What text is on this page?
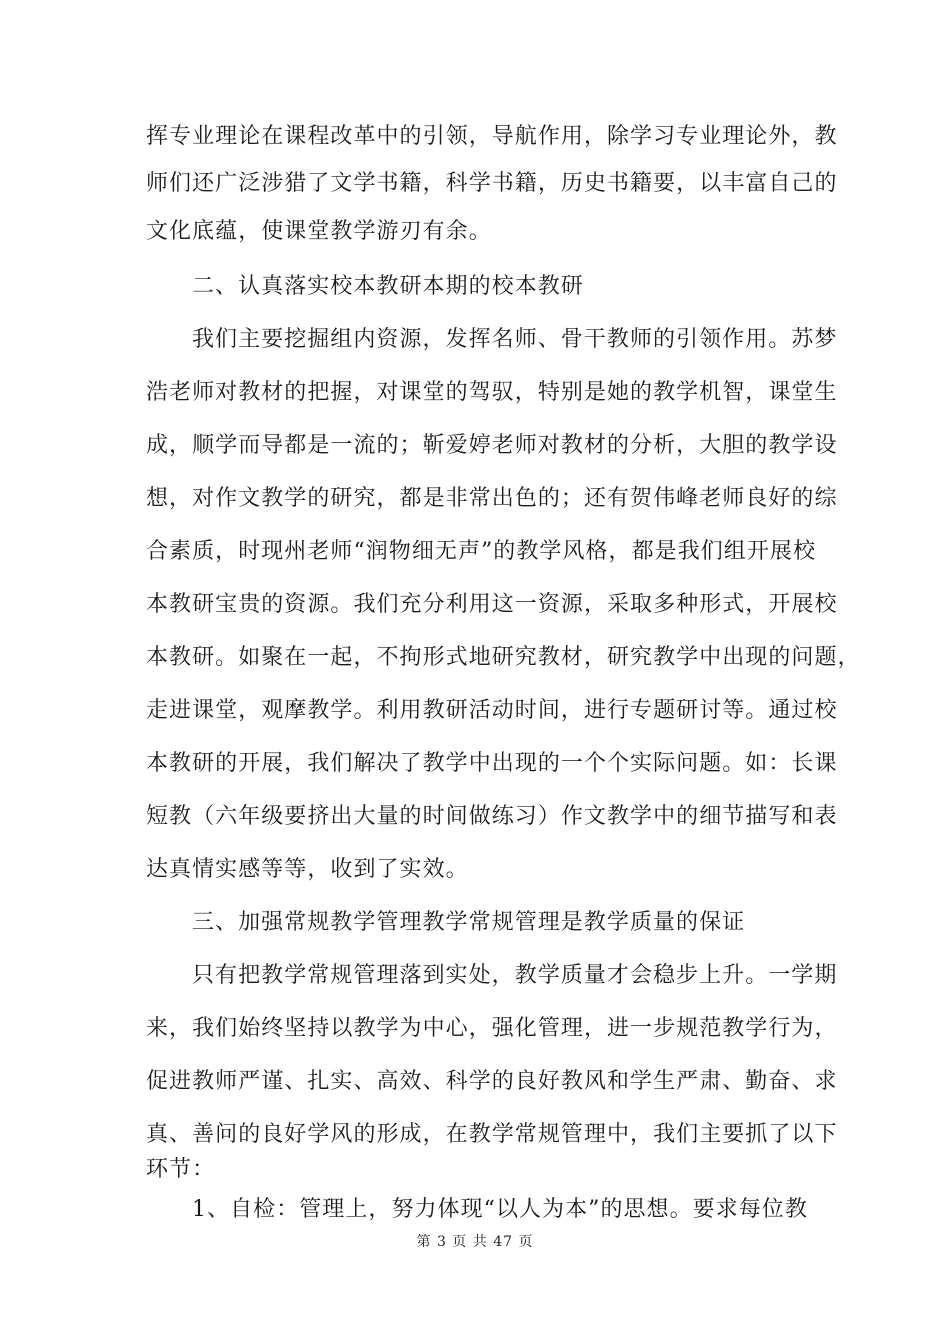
挥专业理论在课程改革中的引领，导航作用，除学习专业理论外，教
师们还广泛涉猎了文学书籍，科学书籍，历史书籍要，以丰富自己的
文化底蕴，使课堂教学游刃有余。
二、认真落实校本教研本期的校本教研
我们主要挖掘组内资源，发挥名师、骨干教师的引领作用。苏梦
浩老师对教材的把握，对课堂的驾驭，特别是她的教学机智，课堂生
成，顺学而导都是一流的；靳爱婷老师对教材的分析，大胆的教学设
想，对作文教学的研究，都是非常出色的；还有贺伟峰老师良好的综
合素质，时现州老师“润物细无声”的教学风格，都是我们组开展校
本教研宝贵的资源。我们充分利用这一资源，采取多种形式，开展校
本教研。如聚在一起，不拘形式地研究教材，研究教学中出现的问题，
走进课堂，观摩教学。利用教研活动时间，进行专题研讨等。通过校
本教研的开展，我们解决了教学中出现的一个个实际问题。如：长课
短教（六年级要挤出大量的时间做练习）作文教学中的细节描写和表
达真情实感等等，收到了实效。
三、加强常规教学管理教学常规管理是教学质量的保证
只有把教学常规管理落到实处，教学质量才会稳步上升。一学期
来，我们始终坚持以教学为中心，强化管理，进一步规范教学行为，
促进教师严谨、扎实、高效、科学的良好教风和学生严肃、勤奋、求
真、善问的良好学风的形成，在教学常规管理中，我们主要抓了以下
环节：
1、自检：管理上，努力体现“以人为本”的思想。要求每位教
第 3 页 共 47 页
